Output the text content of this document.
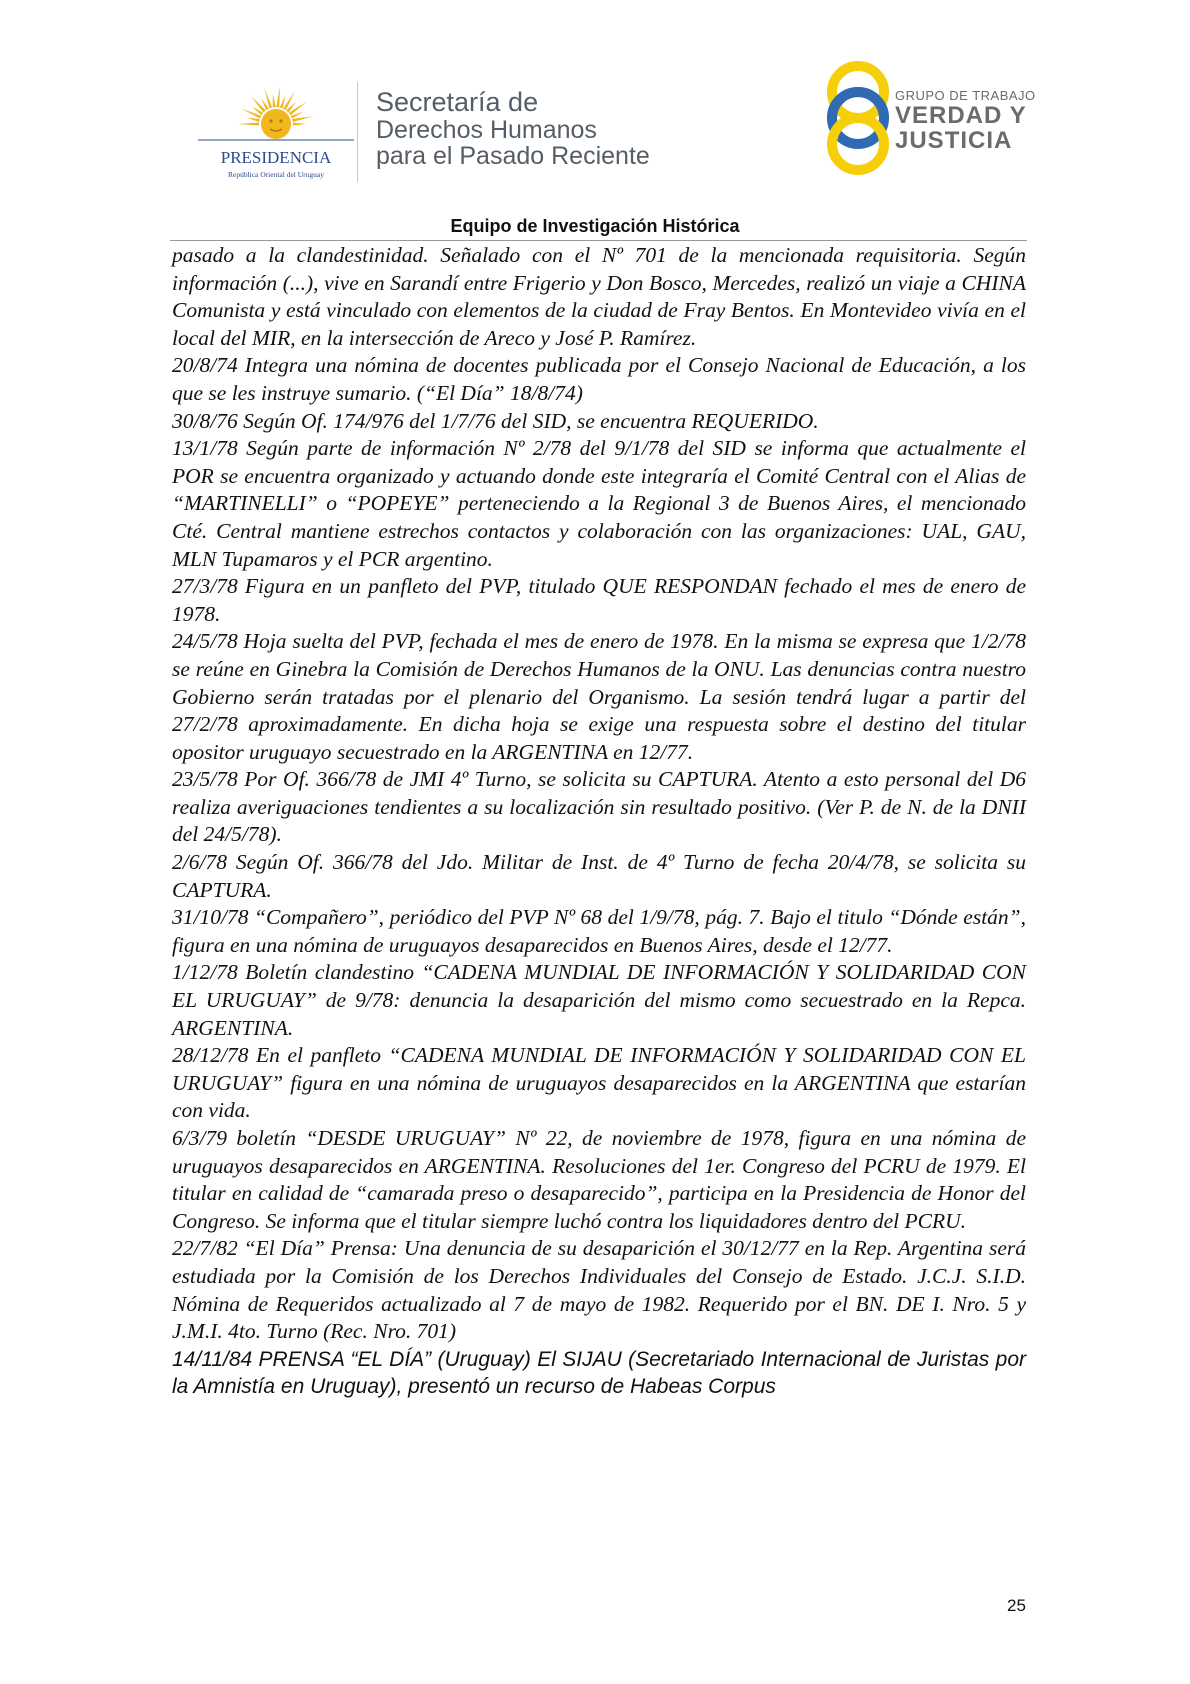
PRESIDENCIA
República Oriental del Uruguay
Secretaría de
Derechos Humanos
para el Pasado Reciente
GRUPO DE TRABAJO
VERDAD Y
JUSTICIA
Equipo de Investigación Histórica

pasado a la clandestinidad. Señalado con el Nº 701 de la mencionada requisitoria. Según información (...), vive en Sarandí entre Frigerio y Don Bosco, Mercedes, realizó un viaje a CHINA Comunista y está vinculado con elementos de la ciudad de Fray Bentos. En Montevideo vivía en el local del MIR, en la intersección de Areco y José P. Ramírez.

20/8/74 Integra una nómina de docentes publicada por el Consejo Nacional de Educación, a los que se les instruye sumario. (“El Día” 18/8/74)

30/8/76 Según Of. 174/976 del 1/7/76 del SID, se encuentra REQUERIDO.

13/1/78 Según parte de información Nº 2/78 del 9/1/78 del SID se informa que actualmente el POR se encuentra organizado y actuando donde este integraría el Comité Central con el Alias de “MARTINELLI” o “POPEYE” perteneciendo a la Regional 3 de Buenos Aires, el mencionado Cté. Central mantiene estrechos contactos y colaboración con las organizaciones: UAL, GAU, MLN Tupamaros y el PCR argentino.

27/3/78 Figura en un panfleto del PVP, titulado QUE RESPONDAN fechado el mes de enero de 1978.

24/5/78 Hoja suelta del PVP, fechada el mes de enero de 1978. En la misma se expresa que 1/2/78 se reúne en Ginebra la Comisión de Derechos Humanos de la ONU. Las denuncias contra nuestro Gobierno serán tratadas por el plenario del Organismo. La sesión tendrá lugar a partir del 27/2/78 aproximadamente. En dicha hoja se exige una respuesta sobre el destino del titular opositor uruguayo secuestrado en la ARGENTINA en 12/77.

23/5/78 Por Of. 366/78 de JMI 4º Turno, se solicita su CAPTURA. Atento a esto personal del D6 realiza averiguaciones tendientes a su localización sin resultado positivo. (Ver P. de N. de la DNII del 24/5/78).

2/6/78 Según Of. 366/78 del Jdo. Militar de Inst. de 4º Turno de fecha 20/4/78, se solicita su CAPTURA.

31/10/78 “Compañero”, periódico del PVP Nº 68 del 1/9/78, pág. 7. Bajo el titulo “Dónde están”, figura en una nómina de uruguayos desaparecidos en Buenos Aires, desde el 12/77.

1/12/78 Boletín clandestino “CADENA MUNDIAL DE INFORMACIÓN Y SOLIDARIDAD CON EL URUGUAY” de 9/78: denuncia la desaparición del mismo como secuestrado en la Repca. ARGENTINA.

28/12/78 En el panfleto “CADENA MUNDIAL DE INFORMACIÓN Y SOLIDARIDAD CON EL URUGUAY” figura en una nómina de uruguayos desaparecidos en la ARGENTINA que estarían con vida.

6/3/79 boletín “DESDE URUGUAY” Nº 22, de noviembre de 1978, figura en una nómina de uruguayos desaparecidos en ARGENTINA. Resoluciones del 1er. Congreso del PCRU de 1979. El titular en calidad de “camarada preso o desaparecido”, participa en la Presidencia de Honor del Congreso. Se informa que el titular siempre luchó contra los liquidadores dentro del PCRU.

22/7/82 “El Día” Prensa: Una denuncia de su desaparición el 30/12/77 en la Rep. Argentina será estudiada por la Comisión de los Derechos Individuales del Consejo de Estado. J.C.J. S.I.D. Nómina de Requeridos actualizado al 7 de mayo de 1982. Requerido por el BN. DE I. Nro. 5 y J.M.I. 4to. Turno (Rec. Nro. 701)

14/11/84 PRENSA “EL DÍA” (Uruguay) El SIJAU (Secretariado Internacional de Juristas por la Amnistía en Uruguay), presentó un recurso de Habeas Corpus

25
